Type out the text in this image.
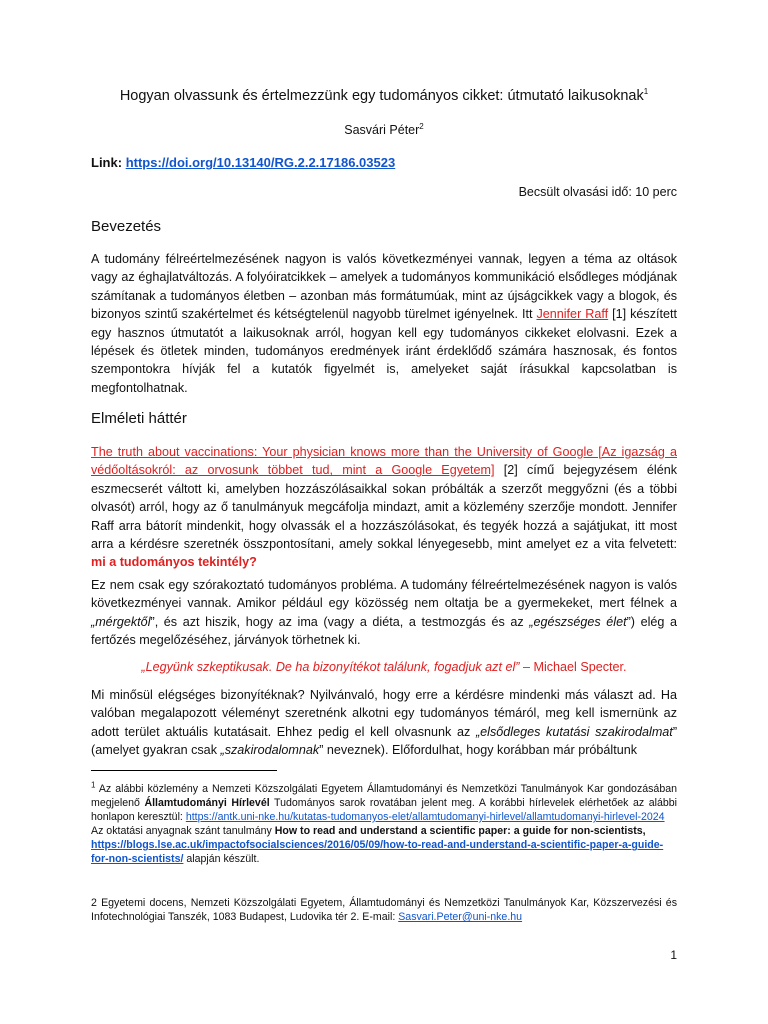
Hogyan olvassunk és értelmezzünk egy tudományos cikket: útmutató laikusoknak$^1$
Sasvári Péter$^2$
Link: https://doi.org/10.13140/RG.2.2.17186.03523
Becsült olvasási idő: 10 perc
Bevezetés

A tudomány félreértelmezésének nagyon is valós következményei vannak, legyen a téma az oltások vagy az éghajlatváltozás. A folyóiratcikkek – amelyek a tudományos kommunikáció elsődleges módjának számítanak a tudományos életben – azonban más formátumúak, mint az újságcikkek vagy a blogok, és bizonyos szintű szakértelmet és kétségtelenül nagyobb türelmet igényelnek. Itt Jennifer Raff [1] készített egy hasznos útmutatót a laikusoknak arról, hogyan kell egy tudományos cikkeket elolvasni. Ezek a lépések és ötletek minden, tudományos eredmények iránt érdeklődő számára hasznosak, és fontos szempontokra hívják fel a kutatók figyelmét is, amelyeket saját írásukkal kapcsolatban is megfontolhatnak.

Elméleti háttér

The truth about vaccinations: Your physician knows more than the University of Google [Az igazság a védőoltásokról: az orvosunk többet tud, mint a Google Egyetem] [2] című bejegyzésem élénk eszmecserét váltott ki, amelyben hozzászólásaikkal sokan próbálták a szerzőt meggyőzni (és a többi olvasót) arról, hogy az ő tanulmányuk megcáfolja mindazt, amit a közlemény szerzője mondott. Jennifer Raff arra bátorít mindenkit, hogy olvassák el a hozzászólásokat, és tegyék hozzá a sajátjukat, itt most arra a kérdésre szeretnék összpontosítani, amely sokkal lényegesebb, mint amelyet ez a vita felvetett: mi a tudományos tekintély?

Ez nem csak egy szórakoztató tudományos probléma. A tudomány félreértelmezésének nagyon is valós következményei vannak. Amikor például egy közösség nem oltatja be a gyermekeket, mert félnek a „mérgektől”, és azt hiszik, hogy az ima (vagy a diéta, a testmozgás és az „egészséges élet”) elég a fertőzés megelőzéséhez, járványok törhetnek ki.

„Legyünk szkeptikusak. De ha bizonyítékot találunk, fogadjuk azt el” – Michael Specter.

Mi minősül elégséges bizonyítéknak? Nyilvánvaló, hogy erre a kérdésre mindenki más választ ad. Ha valóban megalapozott véleményt szeretnénk alkotni egy tudományos témáról, meg kell ismernünk az adott terület aktuális kutatásait. Ehhez pedig el kell olvasnunk az „elsődleges kutatási szakirodalmat” (amelyet gyakran csak „szakirodalomnak” neveznek). Előfordulhat, hogy korábban már próbáltunk

$^1$ Az alábbi közlemény a Nemzeti Közszolgálati Egyetem Államtudományi és Nemzetközi Tanulmányok Kar gondozásában megjelenő Államtudományi Hírlevél Tudományos sarok rovatában jelent meg. A korábbi hírlevelek elérhetőek az alábbi honlapon keresztül: https://antk.uni-nke.hu/kutatas-tudomanyos-elet/allamtudomanyi-hirlevel/allamtudomanyi-hirlevel-2024
Az oktatási anyagnak szánt tanulmány How to read and understand a scientific paper: a guide for non-scientists,
https://blogs.lse.ac.uk/impactofsocialsciences/2016/05/09/how-to-read-and-understand-a-scientific-paper-a-guide-for-non-scientists/ alapján készült.

2 Egyetemi docens, Nemzeti Közszolgálati Egyetem, Államtudományi és Nemzetközi Tanulmányok Kar, Közszervezési és Infotechnológiai Tanszék, 1083 Budapest, Ludovika tér 2. E-mail: Sasvari.Peter@uni-nke.hu

1
